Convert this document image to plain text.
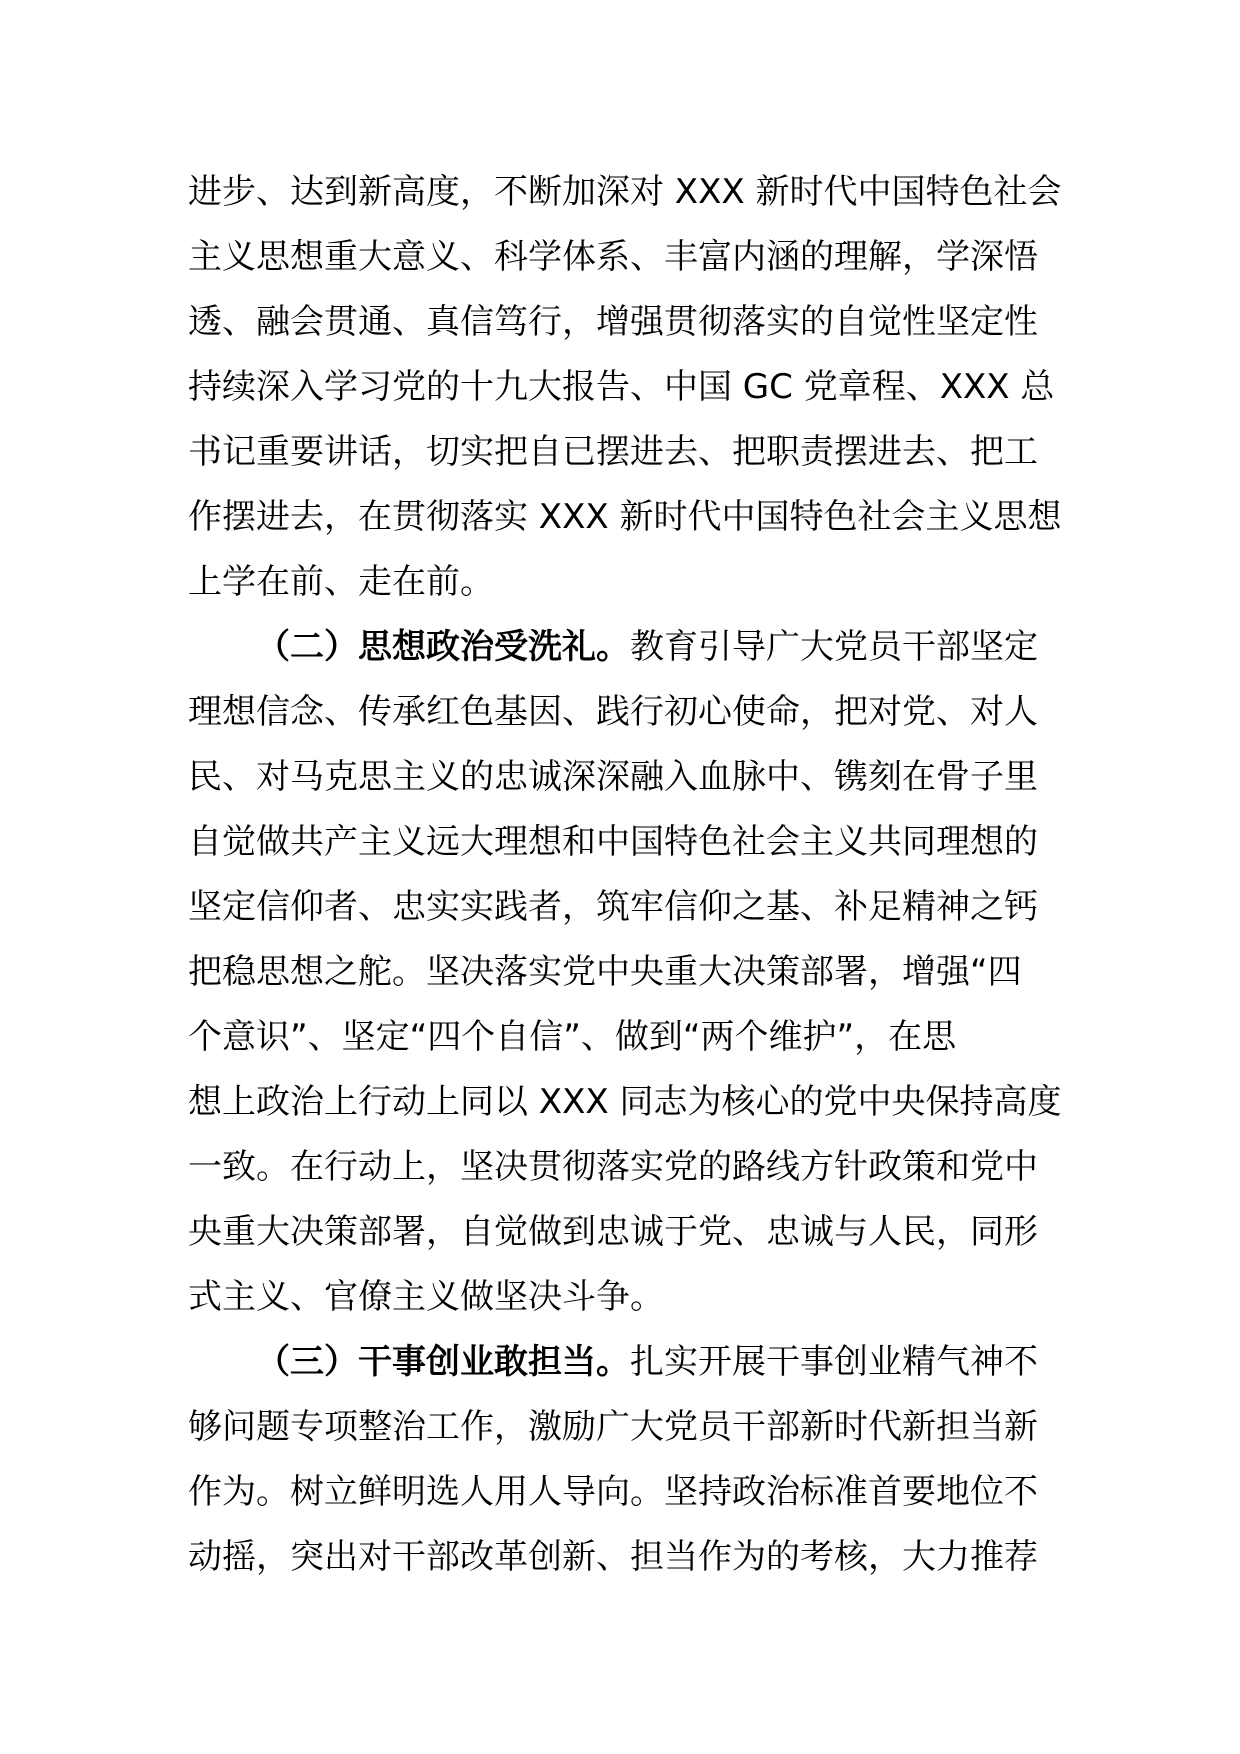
进步、达到新高度，不断加深对 XXX 新时代中国特色社会
主义思想重大意义、科学体系、丰富内涵的理解，学深悟
透、融会贯通、真信笃行，增强贯彻落实的自觉性坚定性
持续深入学习党的十九大报告、中国 GC 党章程、XXX 总
书记重要讲话，切实把自已摆进去、把职责摆进去、把工
作摆进去，在贯彻落实 XXX 新时代中国特色社会主义思想
上学在前、走在前。
（二）思想政治受洗礼。教育引导广大党员干部坚定
理想信念、传承红色基因、践行初心使命，把对党、对人
民、对马克思主义的忠诚深深融入血脉中、镌刻在骨子里
自觉做共产主义远大理想和中国特色社会主义共同理想的
坚定信仰者、忠实实践者，筑牢信仰之基、补足精神之钙
把稳思想之舵。坚决落实党中央重大决策部署，增强“四
个意识”、坚定“四个自信”、做到“两个维护”，在思
想上政治上行动上同以 XXX 同志为核心的党中央保持高度
一致。在行动上，坚决贯彻落实党的路线方针政策和党中
央重大决策部署，自觉做到忠诚于党、忠诚与人民，同形
式主义、官僚主义做坚决斗争。
（三）干事创业敢担当。扎实开展干事创业精气神不
够问题专项整治工作，激励广大党员干部新时代新担当新
作为。树立鲜明选人用人导向。坚持政治标准首要地位不
动摇，突出对干部改革创新、担当作为的考核，大力推荐
